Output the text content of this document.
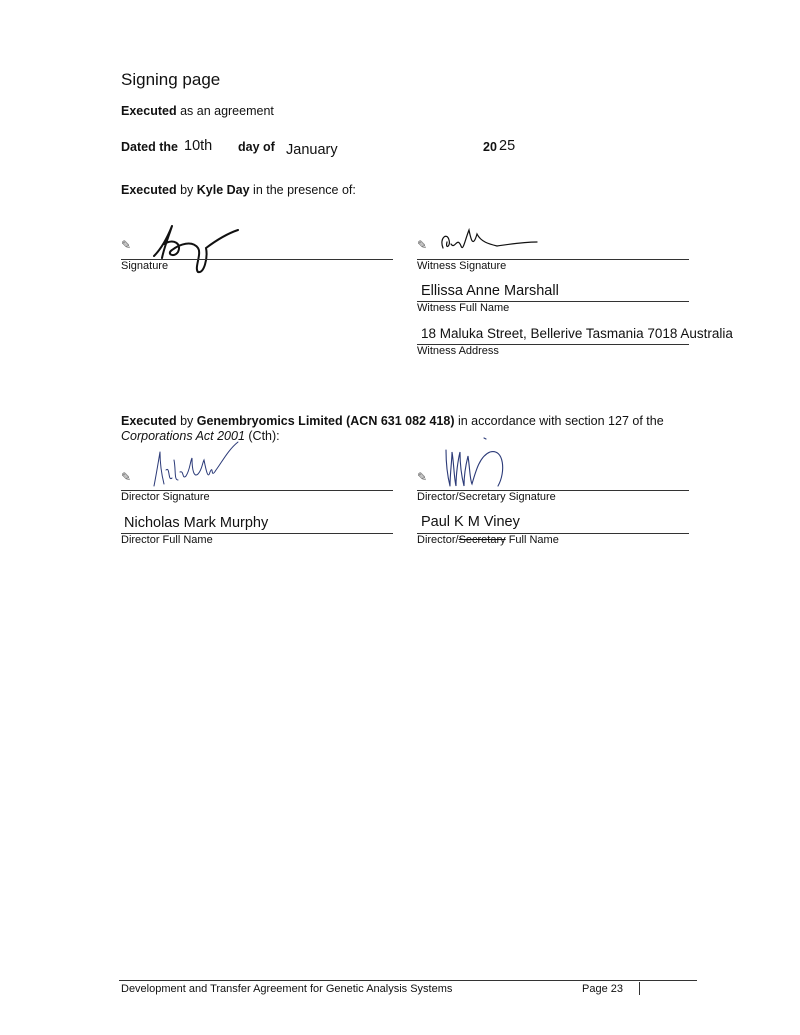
Signing page
Executed as an agreement
Dated the 10th day of January	20 25
Executed by Kyle Day in the presence of:
✎
Signature
✎
Witness Signature
Ellissa Anne Marshall
Witness Full Name
18 Maluka Street, Bellerive Tasmania 7018 Australia
Witness Address
Executed by Genembryomics Limited (ACN 631 082 418) in accordance with section 127 of the
Corporations Act 2001 (Cth):
✎
Director Signature
✎
Director/Secretary Signature
Nicholas Mark Murphy
Director Full Name
Paul K M Viney
Director/Secretary Full Name
Development and Transfer Agreement for Genetic Analysis Systems	Page 23
